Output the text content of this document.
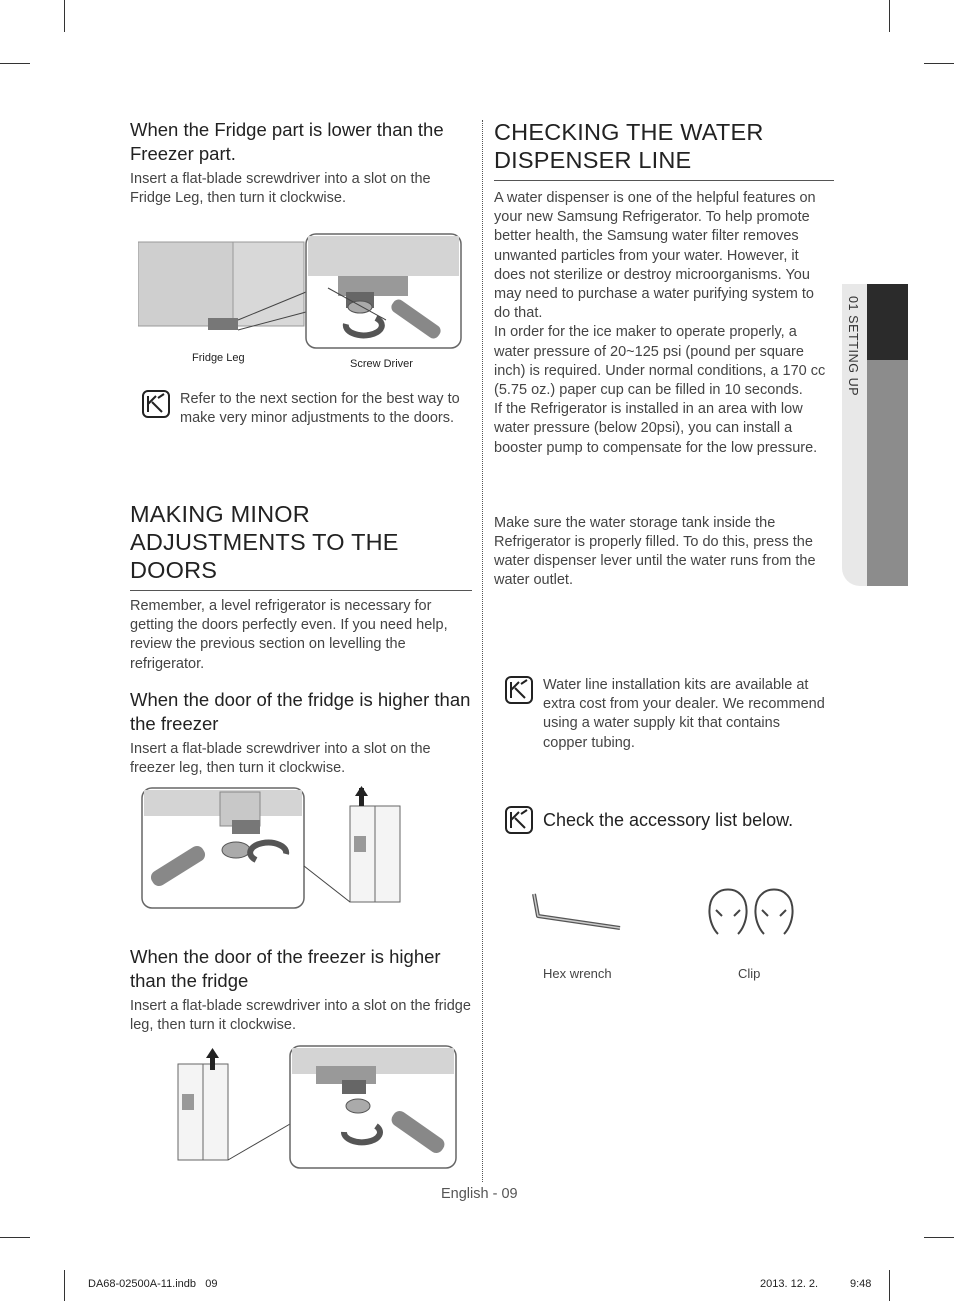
01 SETTING UP
When the Fridge part is lower than the Freezer part.

Insert a flat-blade screwdriver into a slot on the Fridge Leg, then turn it clockwise.

Fridge Leg	Screw Driver

Refer to the next section for the best way to make very minor adjustments to the doors.

MAKING MINOR ADJUSTMENTS TO THE DOORS

Remember, a level refrigerator is necessary for getting the doors perfectly even. If you need help, review the previous section on levelling the refrigerator.

When the door of the fridge is higher than the freezer

Insert a flat-blade screwdriver into a slot on the freezer leg, then turn it clockwise.

When the door of the freezer is higher than the fridge

Insert a flat-blade screwdriver into a slot on the fridge leg, then turn it clockwise.

CHECKING THE WATER DISPENSER LINE

A water dispenser is one of the helpful features on your new Samsung Refrigerator. To help promote better health, the Samsung water filter removes unwanted particles from your water. However, it does not sterilize or destroy microorganisms. You may need to purchase a water purifying system to do that.

In order for the ice maker to operate properly, a water pressure of 20~125 psi (pound per square inch) is required. Under normal conditions, a 170 cc (5.75 oz.) paper cup can be filled in 10 seconds.

If the Refrigerator is installed in an area with low water pressure (below 20psi), you can install a booster pump to compensate for the low pressure.

Make sure the water storage tank inside the Refrigerator is properly filled. To do this, press the water dispenser lever until the water runs from the water outlet.

Water line installation kits are available at extra cost from your dealer. We recommend using a water supply kit that contains copper tubing.

Check the accessory list below.

Hex wrench	Clip
English - 09
DA68-02500A-11.indb   09	2013. 12. 2.	9:48
